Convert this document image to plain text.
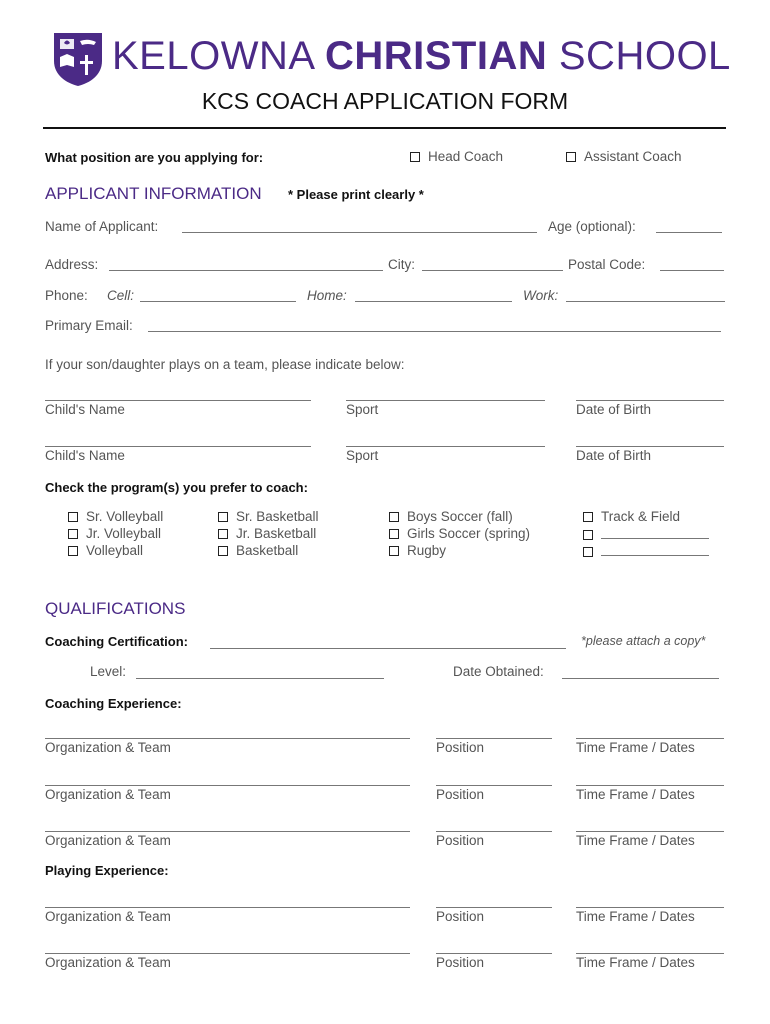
KELOWNA CHRISTIAN SCHOOL
KCS COACH APPLICATION FORM
What position are you applying for:	Head Coach	Assistant Coach
APPLICANT INFORMATION * Please print clearly *
Name of Applicant:	Age (optional):
Address:	City:	Postal Code:
Phone: Cell:	Home:	Work:
Primary Email:
If your son/daughter plays on a team, please indicate below:
Child's Name	Sport	Date of Birth
Child's Name	Sport	Date of Birth
Check the program(s) you prefer to coach:
Sr. Volleyball
Jr. Volleyball
Volleyball
Sr. Basketball
Jr. Basketball
Basketball
Boys Soccer (fall)
Girls Soccer (spring)
Rugby
Track & Field
QUALIFICATIONS
Coaching Certification:	*please attach a copy*
Level:	Date Obtained:
Coaching Experience:
Organization & Team	Position	Time Frame / Dates
Organization & Team	Position	Time Frame / Dates
Organization & Team	Position	Time Frame / Dates
Playing Experience:
Organization & Team	Position	Time Frame / Dates
Organization & Team	Position	Time Frame / Dates
